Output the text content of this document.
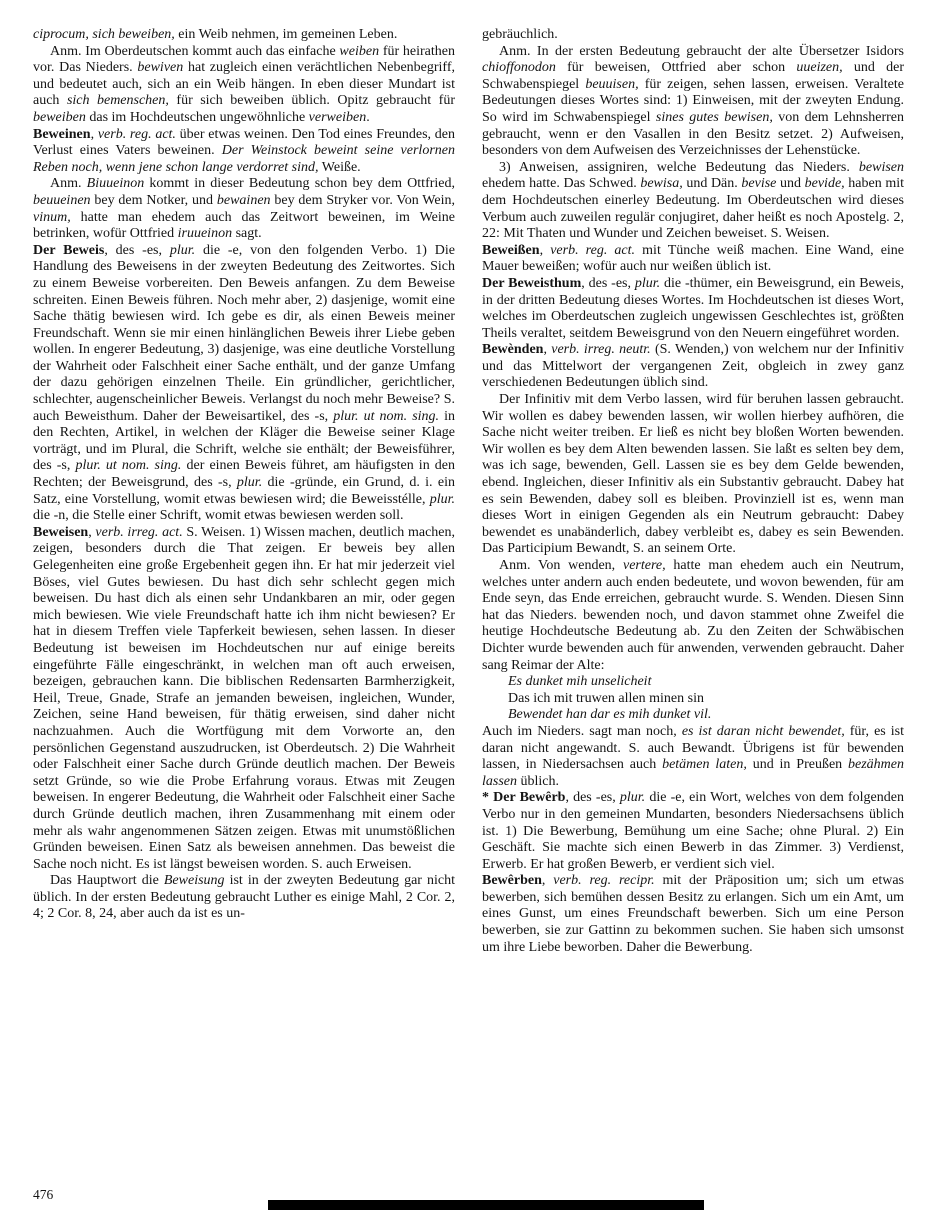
ciprocum, sich beweiben, ein Weib nehmen, im gemeinen Leben.

Anm. Im Oberdeutschen kommt auch das einfache weiben für heirathen vor. Das Nieders. bewiven hat zugleich einen verächtlichen Nebenbegriff, und bedeutet auch, sich an ein Weib hängen. In eben dieser Mundart ist auch sich bemenschen, für sich beweiben üblich. Opitz gebraucht für beweiben das im Hochdeutschen ungewöhnliche verweiben.

Beweinen, verb. reg. act. über etwas weinen. Den Tod eines Freundes, den Verlust eines Vaters beweinen. Der Weinstock beweint seine verlornen Reben noch, wenn jene schon lange verdorret sind, Weiße.

Anm. Biuueinon kommt in dieser Bedeutung schon bey dem Ottfried, beuueinen bey dem Notker, und bewainen bey dem Stryker vor. Von Wein, vinum, hatte man ehedem auch das Zeitwort beweinen, im Weine betrinken, wofür Ottfried iruueinon sagt.

Der Beweis, des -es, plur. die -e, von den folgenden Verbo. 1) Die Handlung des Beweisens in der zweyten Bedeutung des Zeitwortes. Sich zu einem Beweise vorbereiten. Den Beweis anfangen. Zu dem Beweise schreiten. Einen Beweis führen. Noch mehr aber, 2) dasjenige, womit eine Sache thätig bewiesen wird. Ich gebe es dir, als einen Beweis meiner Freundschaft. Wenn sie mir einen hinlänglichen Beweis ihrer Liebe geben wollen. In engerer Bedeutung, 3) dasjenige, was eine deutliche Vorstellung der Wahrheit oder Falschheit einer Sache enthält, und der ganze Umfang der dazu gehörigen einzelnen Theile. Ein gründlicher, gerichtlicher, schlechter, augenscheinlicher Beweis. Verlangst du noch mehr Beweise? S. auch Beweisthum. Daher der Beweisartikel, des -s, plur. ut nom. sing. in den Rechten, Artikel, in welchen der Kläger die Beweise seiner Klage vorträgt, und im Plural, die Schrift, welche sie enthält; der Beweisführer, des -s, plur. ut nom. sing. der einen Beweis führet, am häufigsten in den Rechten; der Beweisgrund, des -s, plur. die -gründe, ein Grund, d. i. ein Satz, eine Vorstellung, womit etwas bewiesen wird; die Beweisstélle, plur. die -n, die Stelle einer Schrift, womit etwas bewiesen werden soll.

Beweisen, verb. irreg. act. S. Weisen. 1) Wissen machen, deutlich machen, zeigen, besonders durch die That zeigen. Er beweis bey allen Gelegenheiten eine große Ergebenheit gegen ihn. Er hat mir jederzeit viel Böses, viel Gutes bewiesen. Du hast dich sehr schlecht gegen mich beweisen. Du hast dich als einen sehr Undankbaren an mir, oder gegen mich bewiesen. Wie viele Freundschaft hatte ich ihm nicht bewiesen? Er hat in diesem Treffen viele Tapferkeit bewiesen, sehen lassen. In dieser Bedeutung ist beweisen im Hochdeutschen nur auf einige bereits eingeführte Fälle eingeschränkt, in welchen man oft auch erweisen, bezeigen, gebrauchen kann. Die biblischen Redensarten Barmherzigkeit, Heil, Treue, Gnade, Strafe an jemanden beweisen, ingleichen, Wunder, Zeichen, seine Hand beweisen, für thätig erweisen, sind daher nicht nachzuahmen. Auch die Wortfügung mit dem Vorworte an, den persönlichen Gegenstand auszudrucken, ist Oberdeutsch. 2) Die Wahrheit oder Falschheit einer Sache durch Gründe deutlich machen. Der Beweis setzt Gründe, so wie die Probe Erfahrung voraus. Etwas mit Zeugen beweisen. In engerer Bedeutung, die Wahrheit oder Falschheit einer Sache durch Gründe deutlich machen, ihren Zusammenhang mit einem oder mehr als wahr angenommenen Sätzen zeigen. Etwas mit unumstößlichen Gründen beweisen. Einen Satz als beweisen annehmen. Das beweist die Sache noch nicht. Es ist längst beweisen worden. S. auch Erweisen.

Das Hauptwort die Beweisung ist in der zweyten Bedeutung gar nicht üblich. In der ersten Bedeutung gebraucht Luther es einige Mahl, 2 Cor. 2, 4; 2 Cor. 8, 24, aber auch da ist es un-

gebräuchlich.

Anm. In der ersten Bedeutung gebraucht der alte Übersetzer Isidors chioffonodon für beweisen, Ottfried aber schon uueizen, und der Schwabenspiegel beuuisen, für zeigen, sehen lassen, erweisen. Veraltete Bedeutungen dieses Wortes sind: 1) Einweisen, mit der zweyten Endung. So wird im Schwabenspiegel sines gutes bewisen, von dem Lehnsherren gebraucht, wenn er den Vasallen in den Besitz setzet. 2) Aufweisen, besonders von dem Aufweisen des Verzeichnisses der Lehenstücke.

3) Anweisen, assigniren, welche Bedeutung das Nieders. bewisen ehedem hatte. Das Schwed. bewisa, und Dän. bevise und bevide, haben mit dem Hochdeutschen einerley Bedeutung. Im Oberdeutschen wird dieses Verbum auch zuweilen regulär conjugiret, daher heißt es noch Apostelg. 2, 22: Mit Thaten und Wunder und Zeichen beweiset. S. Weisen.

Beweißen, verb. reg. act. mit Tünche weiß machen. Eine Wand, eine Mauer beweißen; wofür auch nur weißen üblich ist.

Der Beweisthum, des -es, plur. die -thümer, ein Beweisgrund, ein Beweis, in der dritten Bedeutung dieses Wortes. Im Hochdeutschen ist dieses Wort, welches im Oberdeutschen zugleich ungewissen Geschlechtes ist, größten Theils veraltet, seitdem Beweisgrund von den Neuern eingeführet worden.

Bewènden, verb. irreg. neutr. (S. Wenden,) von welchem nur der Infinitiv und das Mittelwort der vergangenen Zeit, obgleich in zwey ganz verschiedenen Bedeutungen üblich sind.

Der Infinitiv mit dem Verbo lassen, wird für beruhen lassen gebraucht. Wir wollen es dabey bewenden lassen, wir wollen hierbey aufhören, die Sache nicht weiter treiben. Er ließ es nicht bey bloßen Worten bewenden. Wir wollen es bey dem Alten bewenden lassen. Sie laßt es selten bey dem, was ich sage, bewenden, Gell. Lassen sie es bey dem Gelde bewenden, ebend. Ingleichen, dieser Infinitiv als ein Substantiv gebraucht. Dabey hat es sein Bewenden, dabey soll es bleiben. Provinziell ist es, wenn man dieses Wort in einigen Gegenden als ein Neutrum gebraucht: Dabey bewendet es unabänderlich, dabey verbleibt es, dabey es sein Bewenden. Das Participium Bewandt, S. an seinem Orte.

Anm. Von wenden, vertere, hatte man ehedem auch ein Neutrum, welches unter andern auch enden bedeutete, und wovon bewenden, für am Ende seyn, das Ende erreichen, gebraucht wurde. S. Wenden. Diesen Sinn hat das Nieders. bewenden noch, und davon stammet ohne Zweifel die heutige Hochdeutsche Bedeutung ab. Zu den Zeiten der Schwäbischen Dichter wurde bewenden auch für anwenden, verwenden gebraucht. Daher sang Reimar der Alte:

Es dunket mih unselicheit

Das ich mit truwen allen minen sin

Bewendet han dar es mih dunket vil.

Auch im Nieders. sagt man noch, es ist daran nicht bewendet, für, es ist daran nicht angewandt. S. auch Bewandt. Übrigens ist für bewenden lassen, in Niedersachsen auch betämen laten, und in Preußen bezähmen lassen üblich.

* Der Bewêrb, des -es, plur. die -e, ein Wort, welches von dem folgenden Verbo nur in den gemeinen Mundarten, besonders Niedersachsens üblich ist. 1) Die Bewerbung, Bemühung um eine Sache; ohne Plural. 2) Ein Geschäft. Sie machte sich einen Bewerb in das Zimmer. 3) Verdienst, Erwerb. Er hat großen Bewerb, er verdient sich viel.

Bewêrben, verb. reg. recipr. mit der Präposition um; sich um etwas bewerben, sich bemühen dessen Besitz zu erlangen. Sich um ein Amt, um eines Gunst, um eines Freundschaft bewerben. Sich um eine Person bewerben, sie zur Gattinn zu bekommen suchen. Sie haben sich umsonst um ihre Liebe beworben. Daher die Bewerbung.

476
